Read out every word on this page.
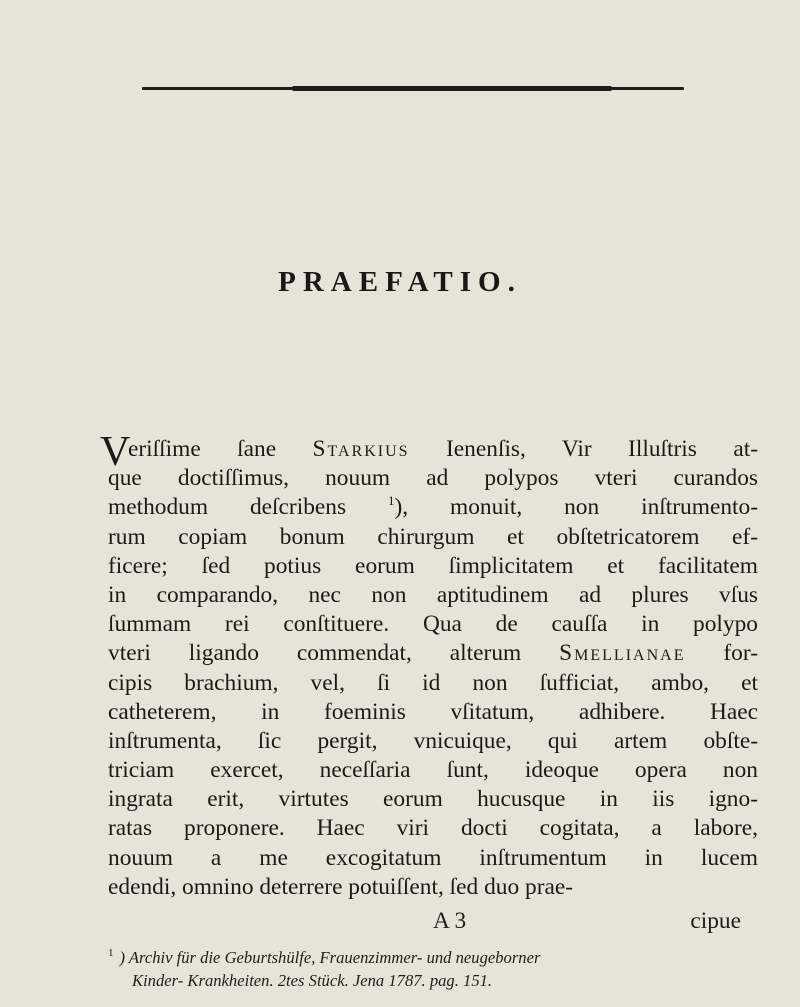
PRAEFATIO.
Veriſſime ſane Starkius Ienenſis, Vir Illuſtris at-
que doctiſſimus, nouum ad polypos vteri curandos
methodum deſcribens $^1$), monuit, non inſtrumento-
rum copiam bonum chirurgum et obſtetricatorem ef-
ficere; ſed potius eorum ſimplicitatem et facilitatem
in comparando, nec non aptitudinem ad plures vſus
ſummam rei conſtituere. Qua de cauſſa in polypo
vteri ligando commendat, alterum Smellianae for-
cipis brachium, vel, ſi id non ſufficiat, ambo, et
catheterem, in foeminis vſitatum, adhibere. Haec
inſtrumenta, ſic pergit, vnicuique, qui artem obſte-
triciam exercet, neceſſaria ſunt, ideoque opera non
ingrata erit, virtutes eorum hucusque in iis igno-
ratas proponere. Haec viri docti cogitata, a labore,
nouum a me excogitatum inſtrumentum in lucem
edendi, omnino deterrere potuiſſent, ſed duo prae-
A 3	cipue
$^1$ ) Archiv für die Geburtshülfe, Frauenzimmer- und neugeborner
Kinder- Krankheiten. 2tes Stück. Jena 1787. pag. 151.
